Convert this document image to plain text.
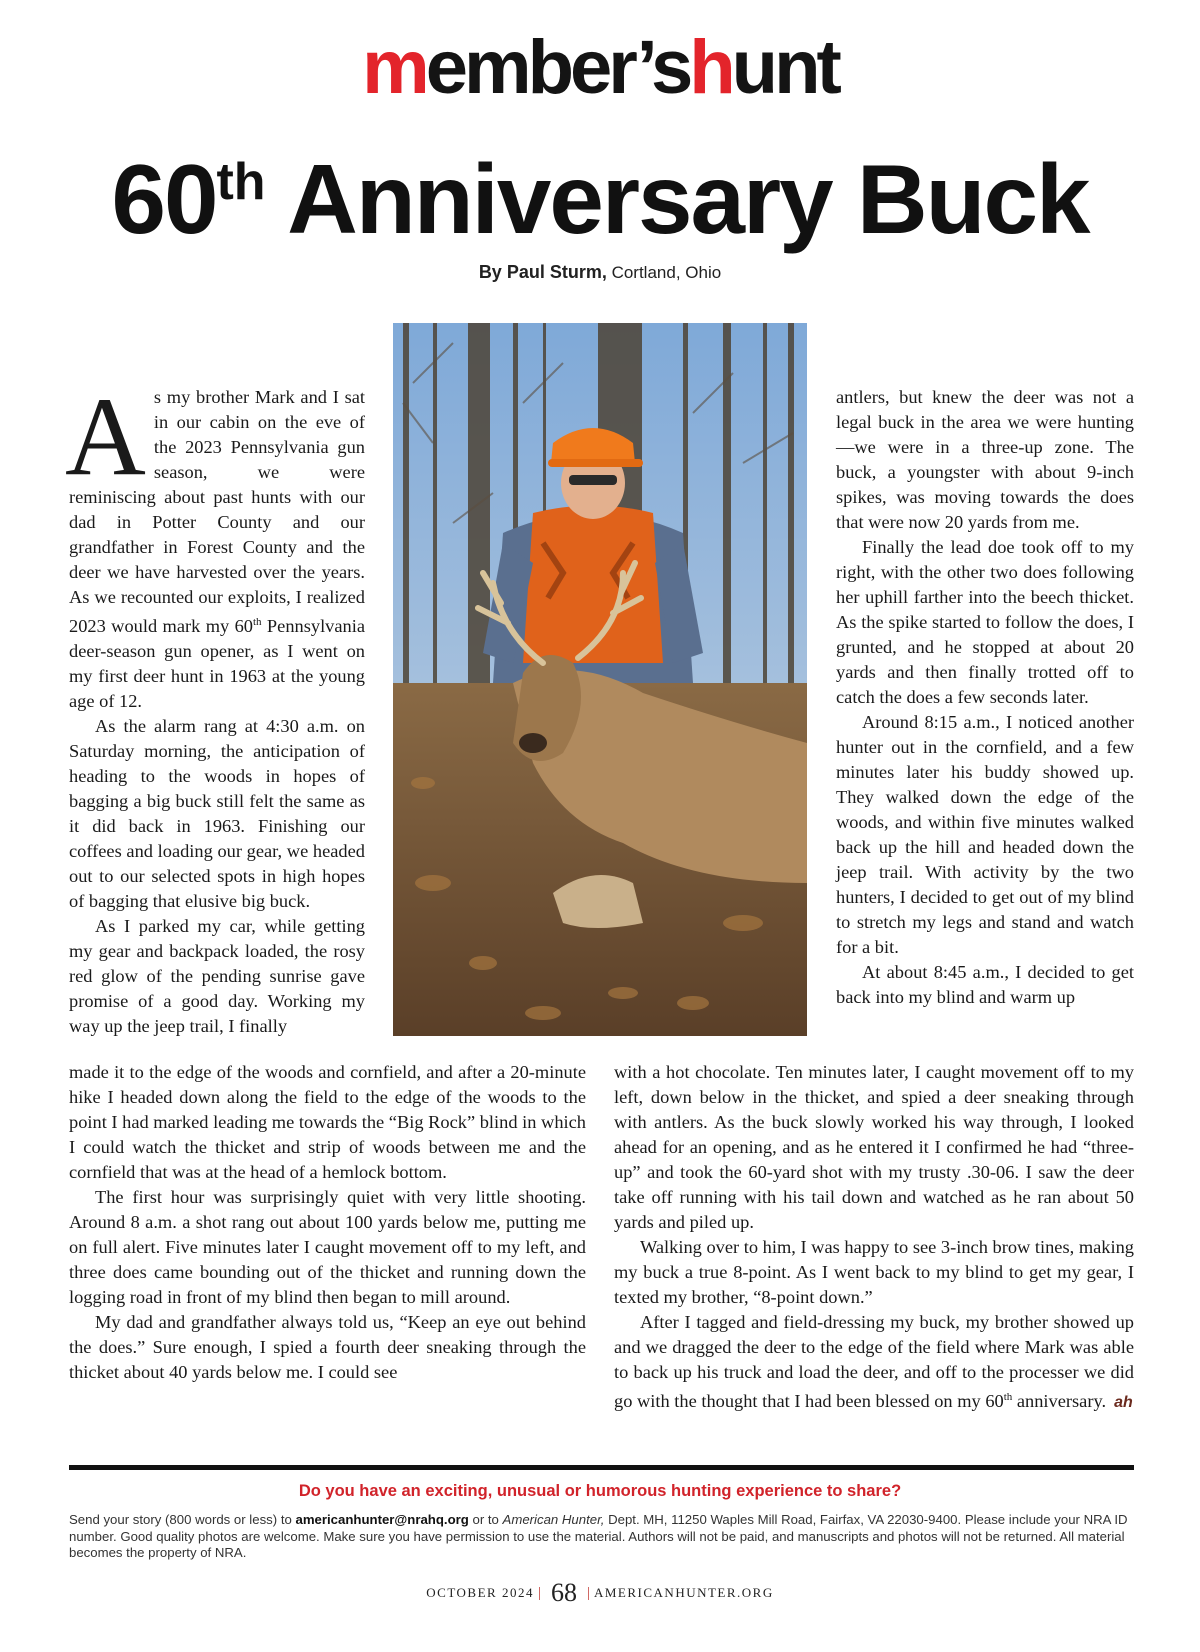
member’shunt
60th Anniversary Buck
By Paul Sturm, Cortland, Ohio

As my brother Mark and I sat in our cabin on the eve of the 2023 Pennsylvania gun season, we were reminiscing about past hunts with our dad in Potter County and our grandfather in Forest County and the deer we have harvested over the years. As we recounted our exploits, I realized 2023 would mark my 60th Pennsylvania deer-season gun opener, as I went on my first deer hunt in 1963 at the young age of 12.

As the alarm rang at 4:30 a.m. on Saturday morning, the anticipation of heading to the woods in hopes of bagging a big buck still felt the same as it did back in 1963. Finishing our coffees and loading our gear, we headed out to our selected spots in high hopes of bagging that elusive big buck.

As I parked my car, while getting my gear and backpack loaded, the rosy red glow of the pending sunrise gave promise of a good day. Working my way up the jeep trail, I finally

antlers, but knew the deer was not a legal buck in the area we were hunting—we were in a three-up zone. The buck, a youngster with about 9-inch spikes, was moving towards the does that were now 20 yards from me.

Finally the lead doe took off to my right, with the other two does following her uphill farther into the beech thicket. As the spike started to follow the does, I grunted, and he stopped at about 20 yards and then finally trotted off to catch the does a few seconds later.

Around 8:15 a.m., I noticed another hunter out in the cornfield, and a few minutes later his buddy showed up. They walked down the edge of the woods, and within five minutes walked back up the hill and headed down the jeep trail. With activity by the two hunters, I decided to get out of my blind to stretch my legs and stand and watch for a bit.

At about 8:45 a.m., I decided to get back into my blind and warm up

made it to the edge of the woods and cornfield, and after a 20-minute hike I headed down along the field to the edge of the woods to the point I had marked leading me towards the “Big Rock” blind in which I could watch the thicket and strip of woods between me and the cornfield that was at the head of a hemlock bottom.

The first hour was surprisingly quiet with very little shooting. Around 8 a.m. a shot rang out about 100 yards below me, putting me on full alert. Five minutes later I caught movement off to my left, and three does came bounding out of the thicket and running down the logging road in front of my blind then began to mill around.

My dad and grandfather always told us, “Keep an eye out behind the does.” Sure enough, I spied a fourth deer sneaking through the thicket about 40 yards below me. I could see

with a hot chocolate. Ten minutes later, I caught movement off to my left, down below in the thicket, and spied a deer sneaking through with antlers. As the buck slowly worked his way through, I looked ahead for an opening, and as he entered it I confirmed he had “three-up” and took the 60-yard shot with my trusty .30-06. I saw the deer take off running with his tail down and watched as he ran about 50 yards and piled up.

Walking over to him, I was happy to see 3-inch brow tines, making my buck a true 8-point. As I went back to my blind to get my gear, I texted my brother, “8-point down.”

After I tagged and field-dressing my buck, my brother showed up and we dragged the deer to the edge of the field where Mark was able to back up his truck and load the deer, and off to the processer we did go with the thought that I had been blessed on my 60th anniversary. ah

Do you have an exciting, unusual or humorous hunting experience to share?
Send your story (800 words or less) to americanhunter@nrahq.org or to American Hunter, Dept. MH, 11250 Waples Mill Road, Fairfax, VA 22030-9400. Please include your NRA ID number. Good quality photos are welcome. Make sure you have permission to use the material. Authors will not be paid, and manuscripts and photos will not be returned. All material becomes the property of NRA.
OCTOBER 2024 | 68 | AMERICANHUNTER.ORG
